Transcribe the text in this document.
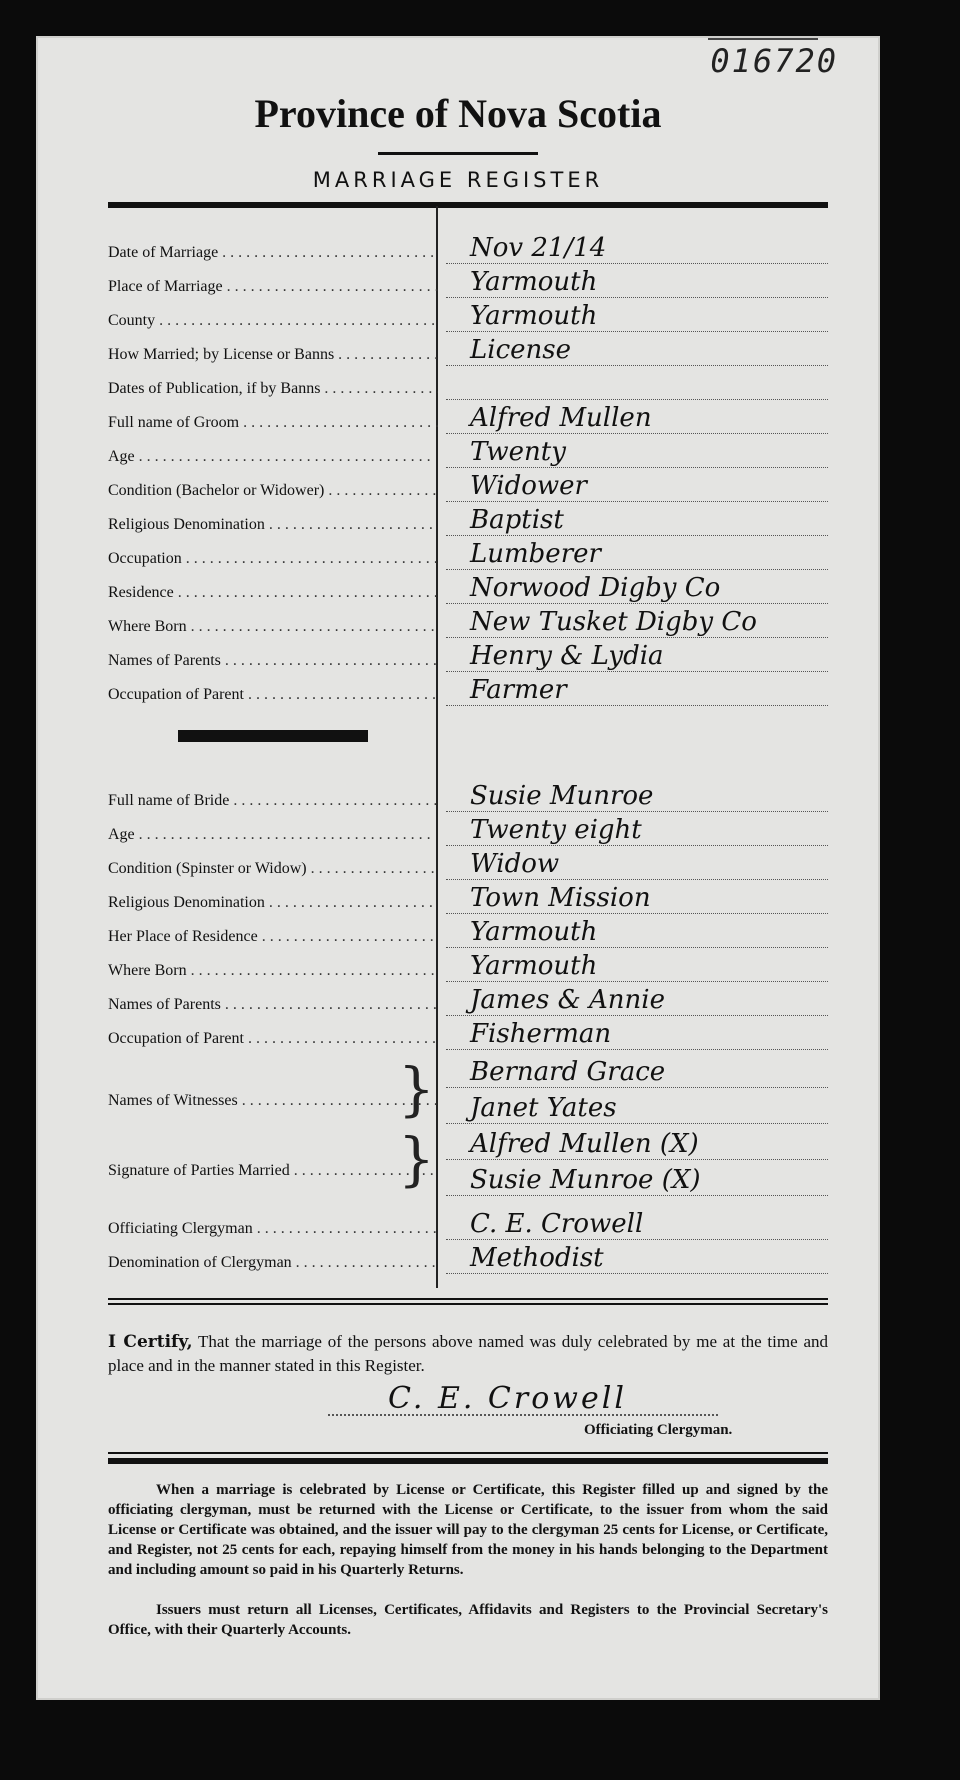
016720
Province of Nova Scotia
MARRIAGE REGISTER
Date of Marriage . . .	Nov 21/14
Place of Marriage . . .	Yarmouth
County . . .	Yarmouth
How Married; by License or Banns . . .	License
Dates of Publication, if by Banns . . .
Full name of Groom . . .	Alfred Mullen
Age . . .	Twenty
Condition (Bachelor or Widower) . . .	Widower
Religious Denomination . . .	Baptist
Occupation . . .	Lumberer
Residence . . .	Norwood Digby Co
Where Born . . .	New Tusket Digby Co
Names of Parents . . .	Henry & Lydia
Occupation of Parent . . .	Farmer
Full name of Bride . . .	Susie Munroe
Age . . .	Twenty eight
Condition (Spinster or Widow) . . .	Widow
Religious Denomination . . .	Town Mission
Her Place of Residence . . .	Yarmouth
Where Born . . .	Yarmouth
Names of Parents . . .	James & Annie
Occupation of Parent . . .	Fisherman
Names of Witnesses . . .	} Bernard Grace
Janet Yates
Signature of Parties Married . . .	} Alfred Mullen (X)
Susie Munroe (X)
Officiating Clergyman . . .	C. E. Crowell
Denomination of Clergyman . . .	Methodist
I Certify, That the marriage of the persons above named was duly celebrated by me at the time and place and in the manner stated in this Register.
C. E. Crowell
Officiating Clergyman.
When a marriage is celebrated by License or Certificate, this Register filled up and signed by the officiating clergyman, must be returned with the License or Certificate, to the issuer from whom the said License or Certificate was obtained, and the issuer will pay to the clergyman 25 cents for License, or Certificate, and Register, not 25 cents for each, repaying himself from the money in his hands belonging to the Department and including amount so paid in his Quarterly Returns.
Issuers must return all Licenses, Certificates, Affidavits and Registers to the Provincial Secretary's Office, with their Quarterly Accounts.
